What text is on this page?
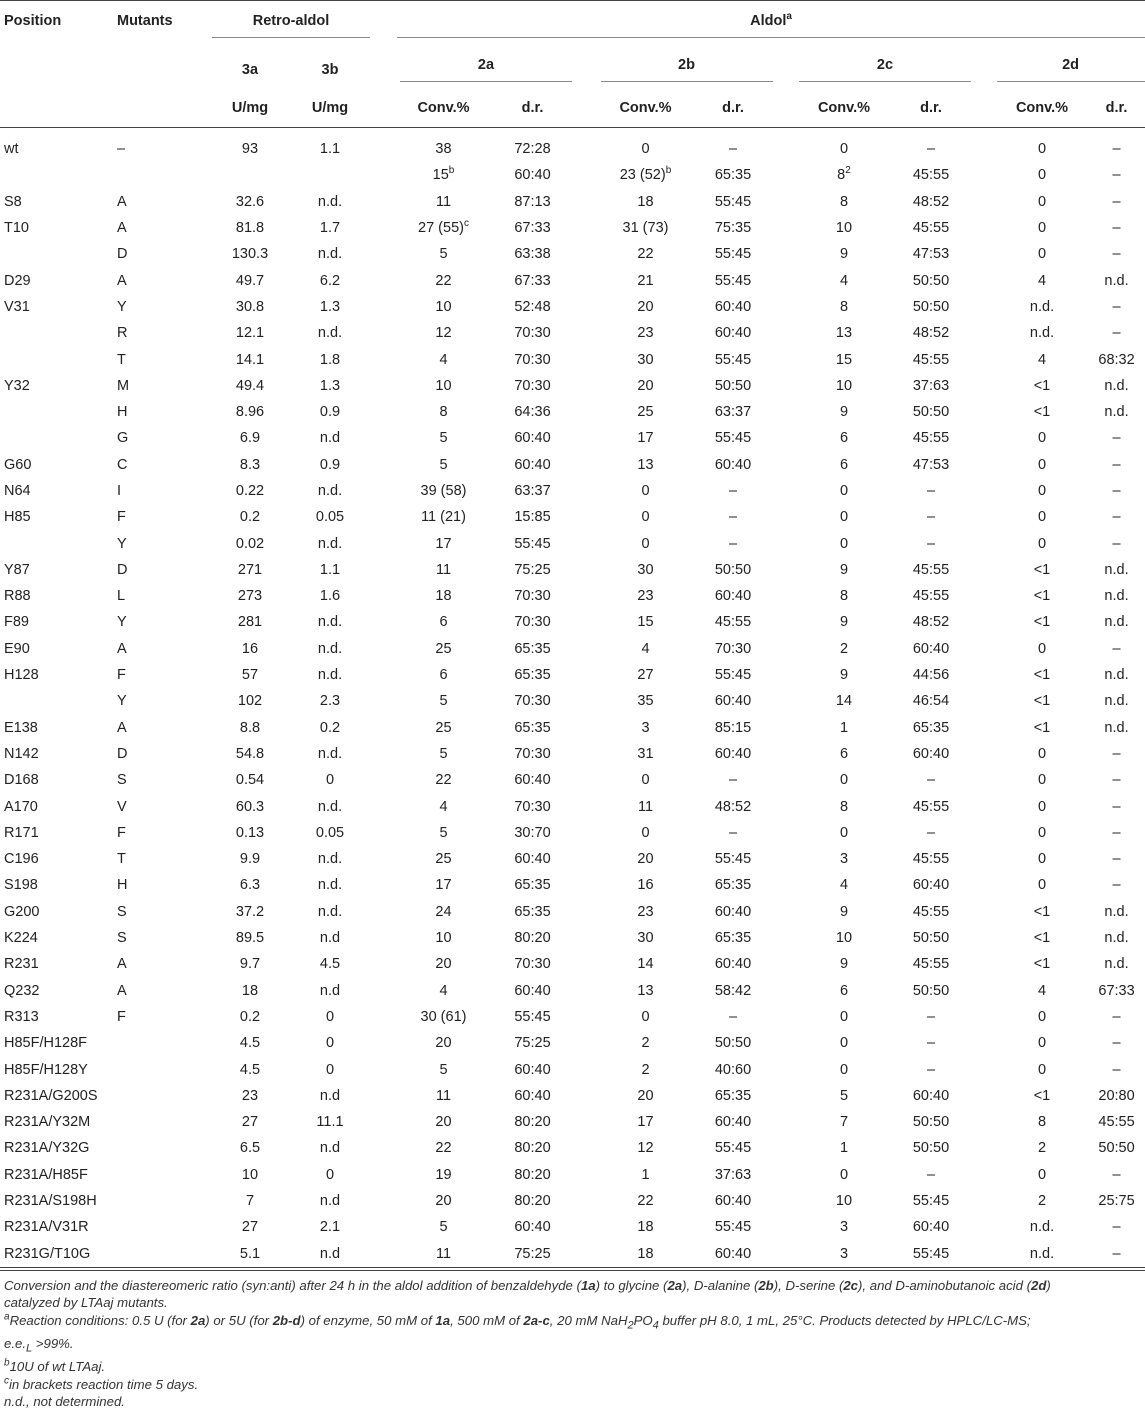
Position	Mutants	Retro-aldol			Aldol$^a$

		3a	3b		2a			2b			2c			2d	

		U/mg	U/mg		Conv.%	d.r.		Conv.%	d.r.		Conv.%	d.r.		Conv.%	d.r.
wt	–	93	1.1		38	72:28		0	–		0	–		0	–
					15$^b$	60:40		23 $(52)^b$	65:35		$8^2$	45:55		0	–
S8	A	32.6	n.d.		11	87:13		18	55:45		8	48:52		0	–
T10	A	81.8	1.7		27 $(55)^c$	67:33		31 (73)	75:35		10	45:55		0	–
	D	130.3	n.d.		5	63:38		22	55:45		9	47:53		0	–
D29	A	49.7	6.2		22	67:33		21	55:45		4	50:50		4	n.d.
V31	Y	30.8	1.3		10	52:48		20	60:40		8	50:50		n.d.	–
	R	12.1	n.d.		12	70:30		23	60:40		13	48:52		n.d.	–
	T	14.1	1.8		4	70:30		30	55:45		15	45:55		4	68:32
Y32	M	49.4	1.3		10	70:30		20	50:50		10	37:63		<1	n.d.
	H	8.96	0.9		8	64:36		25	63:37		9	50:50		<1	n.d.
	G	6.9	n.d		5	60:40		17	55:45		6	45:55		0	–
G60	C	8.3	0.9		5	60:40		13	60:40		6	47:53		0	–
N64	I	0.22	n.d.		39 (58)	63:37		0	–		0	–		0	–
H85	F	0.2	0.05		11 (21)	15:85		0	–		0	–		0	–
	Y	0.02	n.d.		17	55:45		0	–		0	–		0	–
Y87	D	271	1.1		11	75:25		30	50:50		9	45:55		<1	n.d.
R88	L	273	1.6		18	70:30		23	60:40		8	45:55		<1	n.d.
F89	Y	281	n.d.		6	70:30		15	45:55		9	48:52		<1	n.d.
E90	A	16	n.d.		25	65:35		4	70:30		2	60:40		0	–
H128	F	57	n.d.		6	65:35		27	55:45		9	44:56		<1	n.d.
	Y	102	2.3		5	70:30		35	60:40		14	46:54		<1	n.d.
E138	A	8.8	0.2		25	65:35		3	85:15		1	65:35		<1	n.d.
N142	D	54.8	n.d.		5	70:30		31	60:40		6	60:40		0	–
D168	S	0.54	0		22	60:40		0	–		0	–		0	–
A170	V	60.3	n.d.		4	70:30		11	48:52		8	45:55		0	–
R171	F	0.13	0.05		5	30:70		0	–		0	–		0	–
C196	T	9.9	n.d.		25	60:40		20	55:45		3	45:55		0	–
S198	H	6.3	n.d.		17	65:35		16	65:35		4	60:40		0	–
G200	S	37.2	n.d.		24	65:35		23	60:40		9	45:55		<1	n.d.
K224	S	89.5	n.d		10	80:20		30	65:35		10	50:50		<1	n.d.
R231	A	9.7	4.5		20	70:30		14	60:40		9	45:55		<1	n.d.
Q232	A	18	n.d		4	60:40		13	58:42		6	50:50		4	67:33
R313	F	0.2	0		30 (61)	55:45		0	–		0	–		0	–
H85F/H128F		4.5	0		20	75:25		2	50:50		0	–		0	–
H85F/H128Y		4.5	0		5	60:40		2	40:60		0	–		0	–
R231A/G200S		23	n.d		11	60:40		20	65:35		5	60:40		<1	20:80
R231A/Y32M		27	11.1		20	80:20		17	60:40		7	50:50		8	45:55
R231A/Y32G		6.5	n.d		22	80:20		12	55:45		1	50:50		2	50:50
R231A/H85F		10	0		19	80:20		1	37:63		0	–		0	–
R231A/S198H		7	n.d		20	80:20		22	60:40		10	55:45		2	25:75
R231A/V31R		27	2.1		5	60:40		18	55:45		3	60:40		n.d.	–
R231G/T10G		5.1	n.d		11	75:25		18	60:40		3	55:45		n.d.	–
Conversion and the diastereomeric ratio (syn:anti) after 24 h in the aldol addition of benzaldehyde (1a) to glycine (2a), D-alanine (2b), D-serine (2c), and D-aminobutanoic acid (2d)
catalyzed by LTAaj mutants.
$^a$Reaction conditions: 0.5 U (for 2a) or 5U (for 2b-d) of enzyme, 50 mM of 1a, 500 mM of 2a-c, 20 mM $NaH_2PO_4$ buffer pH 8.0, 1 mL, 25°C. Products detected by HPLC/LC-MS;
$e.e._L >99\%$.
$^b$10U of wt LTAaj.
$^c$in brackets reaction time 5 days.
n.d., not determined.
